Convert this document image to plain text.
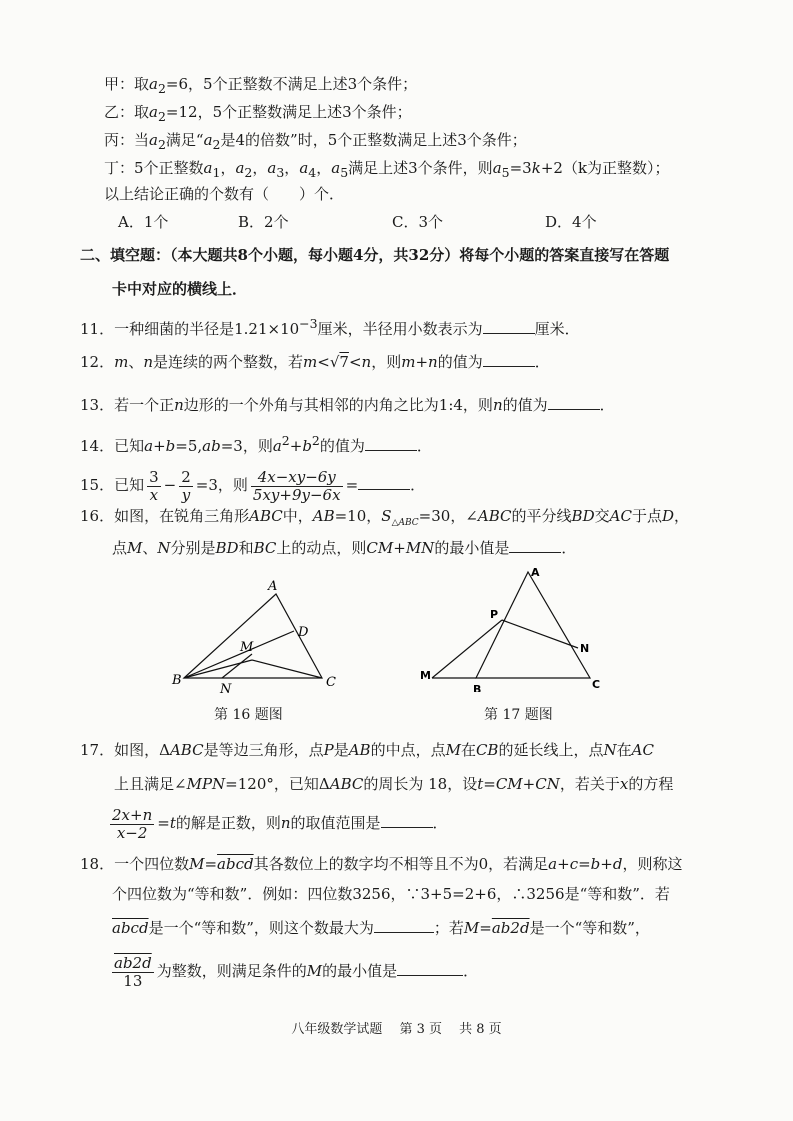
甲：取$a_2=6$，5个正整数不满足上述3个条件；
乙：取$a_2=12$，5个正整数满足上述3个条件；
丙：当$a_2$满足“$a_2$是4的倍数”时，5个正整数满足上述3个条件；
丁：5个正整数$a_1$，$a_2$，$a_3$，$a_4$，$a_5$满足上述3个条件，则$a_5=3k+2(k$为正整数）；
以上结论正确的个数有（　　）个．
A．1个	B．2个	C．3个	D．4个
二、填空题：（本大题共8个小题，每小题4分，共32分）将每个小题的答案直接写在答题
卡中对应的横线上．
11．一种细菌的半径是$1.21\times 10^{-3}$厘米，半径用小数表示为	厘米．
12．m、n是连续的两个整数，若m<√7<n，则m+n的值为	．
13．若一个正n边形的一个外角与其相邻的内角之比为1:4，则n的值为	．
14．已知a+b=5,ab=3，则$a^2+b^2$的值为	．
15．已知 $\frac{3}{x} - \frac{2}{y} =3$，则 $\frac{4x-xy-6y}{5xy+9y-6x}$ =	．
16．如图，在锐角三角形ABC中，AB=10，$S_{\triangle ABC}=30$，∠ABC的平分线BD交AC于点D，
点M、N分别是BD和BC上的动点，则CM+MN的最小值是	．
A
B	C
D
M
N
第 16 题图
A
B	C
M
N
P
第 17 题图
17．如图，ΔABC是等边三角形，点P是AB的中点，点M在CB的延长线上，点N在AC
上且满足∠MPN=120°，已知ΔABC的周长为 18，设t=CM+CN，若关于x的方程
$\frac{2x+n}{x-2} =t$的解是正数，则n的取值范围是	．
18．一个四位数M=abcd其各数位上的数字均不相等且不为0，若满足a+c=b+d，则称这
个四位数为“等和数”．例如：四位数3256，∵3+5=2+6，∴3256是“等和数”．若
abcd是一个“等和数”，则这个数最大为	；若M=ab2d是一个“等和数”，
$\frac{ab2d}{13}$ 为整数，则满足条件的M的最小值是	．
八年级数学试题　 第 3 页　 共 8 页
